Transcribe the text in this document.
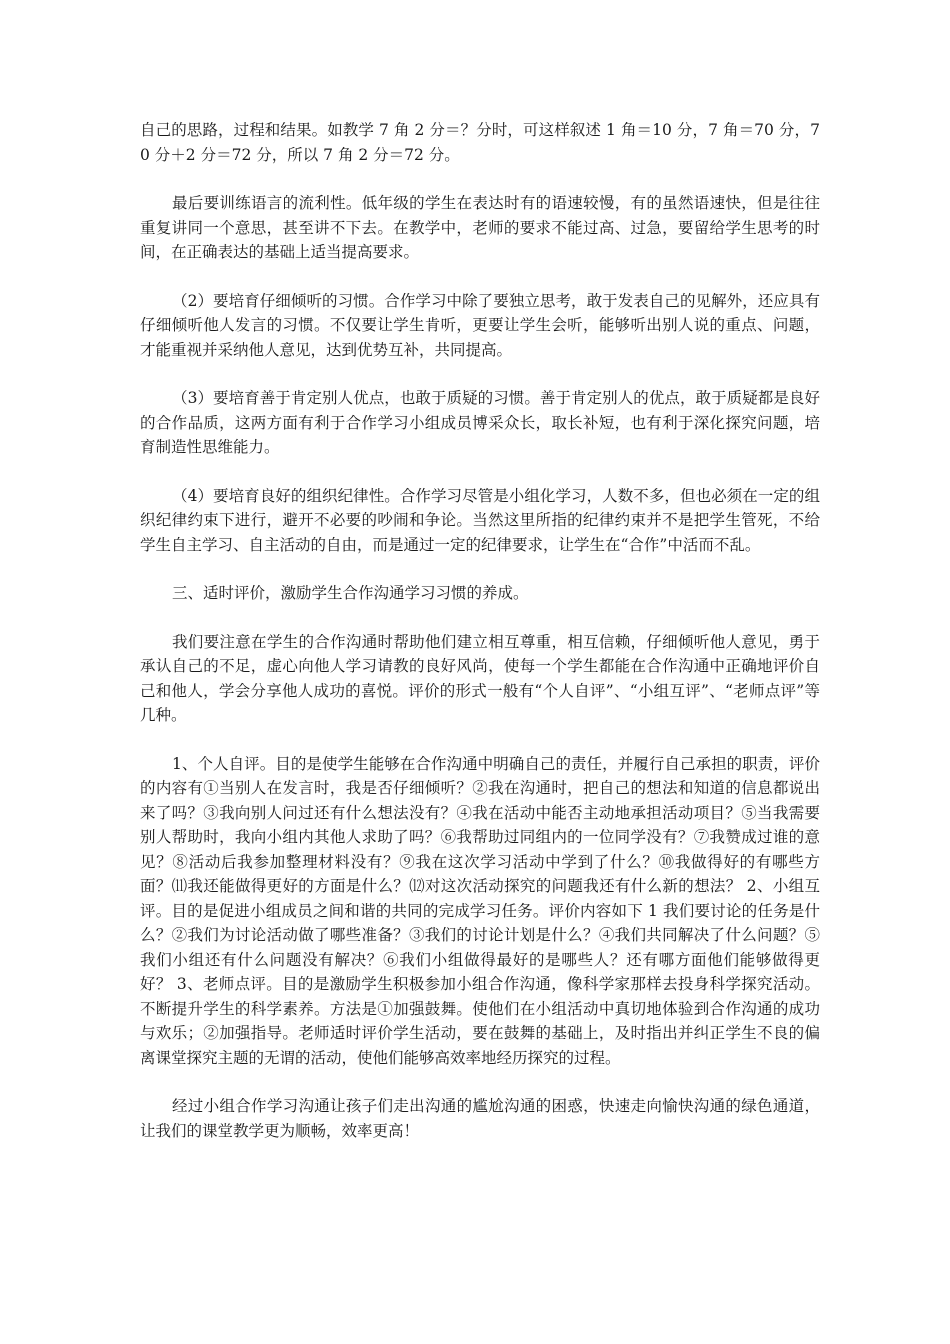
自己的思路，过程和结果。如教学 7 角 2 分＝？分时，可这样叙述 1 角＝10 分，7 角＝70 分，70 分＋2 分＝72 分，所以 7 角 2 分＝72 分。

最后要训练语言的流利性。低年级的学生在表达时有的语速较慢，有的虽然语速快，但是往往重复讲同一个意思，甚至讲不下去。在教学中，老师的要求不能过高、过急，要留给学生思考的时间，在正确表达的基础上适当提高要求。

（2）要培育仔细倾听的习惯。合作学习中除了要独立思考，敢于发表自己的见解外，还应具有仔细倾听他人发言的习惯。不仅要让学生肯听，更要让学生会听，能够听出别人说的重点、问题，才能重视并采纳他人意见，达到优势互补，共同提高。

（3）要培育善于肯定别人优点，也敢于质疑的习惯。善于肯定别人的优点，敢于质疑都是良好的合作品质，这两方面有利于合作学习小组成员博采众长，取长补短，也有利于深化探究问题，培育制造性思维能力。

（4）要培育良好的组织纪律性。合作学习尽管是小组化学习，人数不多，但也必须在一定的组织纪律约束下进行，避开不必要的吵闹和争论。当然这里所指的纪律约束并不是把学生管死，不给学生自主学习、自主活动的自由，而是通过一定的纪律要求，让学生在“合作”中活而不乱。

三、适时评价，激励学生合作沟通学习习惯的养成。

我们要注意在学生的合作沟通时帮助他们建立相互尊重，相互信赖，仔细倾听他人意见，勇于承认自己的不足，虚心向他人学习请教的良好风尚，使每一个学生都能在合作沟通中正确地评价自己和他人，学会分享他人成功的喜悦。评价的形式一般有“个人自评”、“小组互评”、“老师点评”等几种。

1、个人自评。目的是使学生能够在合作沟通中明确自己的责任，并履行自己承担的职责，评价的内容有①当别人在发言时，我是否仔细倾听？②我在沟通时，把自己的想法和知道的信息都说出来了吗？③我向别人问过还有什么想法没有？④我在活动中能否主动地承担活动项目？⑤当我需要别人帮助时，我向小组内其他人求助了吗？⑥我帮助过同组内的一位同学没有？⑦我赞成过谁的意见？⑧活动后我参加整理材料没有？⑨我在这次学习活动中学到了什么？⑩我做得好的有哪些方面？⑾我还能做得更好的方面是什么？⑿对这次活动探究的问题我还有什么新的想法？ 2、小组互评。目的是促进小组成员之间和谐的共同的完成学习任务。评价内容如下 1 我们要讨论的任务是什么？②我们为讨论活动做了哪些准备？③我们的讨论计划是什么？④我们共同解决了什么问题？⑤我们小组还有什么问题没有解决？⑥我们小组做得最好的是哪些人？还有哪方面他们能够做得更好？ 3、老师点评。目的是激励学生积极参加小组合作沟通，像科学家那样去投身科学探究活动。不断提升学生的科学素养。方法是①加强鼓舞。使他们在小组活动中真切地体验到合作沟通的成功与欢乐；②加强指导。老师适时评价学生活动，要在鼓舞的基础上，及时指出并纠正学生不良的偏离课堂探究主题的无谓的活动，使他们能够高效率地经历探究的过程。

经过小组合作学习沟通让孩子们走出沟通的尴尬沟通的困惑，快速走向愉快沟通的绿色通道，让我们的课堂教学更为顺畅，效率更高！
